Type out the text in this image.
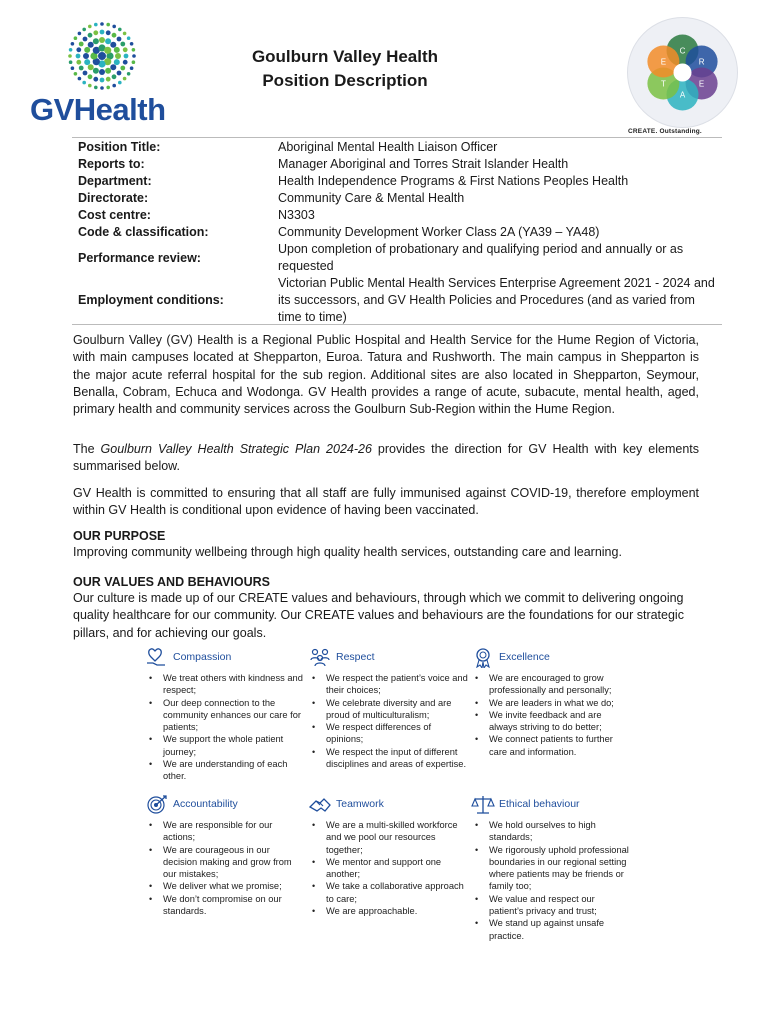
GVHealth
Goulburn Valley Health
Position Description
C
R
E
A
T
E
CREATE. Outstanding.
Position Title:	Aboriginal Mental Health Liaison Officer
Reports to:	Manager Aboriginal and Torres Strait Islander Health
Department:	Health Independence Programs & First Nations Peoples Health
Directorate:	Community Care & Mental Health
Cost centre:	N3303
Code & classification:	Community Development Worker Class 2A (YA39 – YA48)
Performance review:	Upon completion of probationary and qualifying period and annually or as requested
Employment conditions:	Victorian Public Mental Health Services Enterprise Agreement 2021 - 2024 and its successors, and GV Health Policies and Procedures (and as varied from time to time)
Goulburn Valley (GV) Health is a Regional Public Hospital and Health Service for the Hume Region of Victoria, with main campuses located at Shepparton, Euroa. Tatura and Rushworth. The main campus in Shepparton is the major acute referral hospital for the sub region. Additional sites are also located in Shepparton, Seymour, Benalla, Cobram, Echuca and Wodonga. GV Health provides a range of acute, subacute, mental health, aged, primary health and community services across the Goulburn Sub-Region within the Hume Region.
The Goulburn Valley Health Strategic Plan 2024-26 provides the direction for GV Health with key elements summarised below.
GV Health is committed to ensuring that all staff are fully immunised against COVID-19, therefore employment within GV Health is conditional upon evidence of having been vaccinated.
OUR PURPOSE
Improving community wellbeing through high quality health services, outstanding care and learning.
OUR VALUES AND BEHAVIOURS
Our culture is made up of our CREATE values and behaviours, through which we commit to delivering ongoing quality healthcare for our community. Our CREATE values and behaviours are the foundations for our strategic pillars, and for achieving our goals.
Compassion
• We treat others with kindness and respect;
• Our deep connection to the community enhances our care for patients;
• We support the whole patient journey;
• We are understanding of each other.
Respect
• We respect the patient’s voice and their choices;
• We celebrate diversity and are proud of multiculturalism;
• We respect differences of opinions;
• We respect the input of different disciplines and areas of expertise.
Excellence
• We are encouraged to grow professionally and personally;
• We are leaders in what we do;
• We invite feedback and are always striving to do better;
• We connect patients to further care and information.
Accountability
• We are responsible for our actions;
• We are courageous in our decision making and grow from our mistakes;
• We deliver what we promise;
• We don’t compromise on our standards.
Teamwork
• We are a multi-skilled workforce and we pool our resources together;
• We mentor and support one another;
• We take a collaborative approach to care;
• We are approachable.
Ethical behaviour
• We hold ourselves to high standards;
• We rigorously uphold professional boundaries in our regional setting where patients may be friends or family too;
• We value and respect our patient’s privacy and trust;
• We stand up against unsafe practice.
